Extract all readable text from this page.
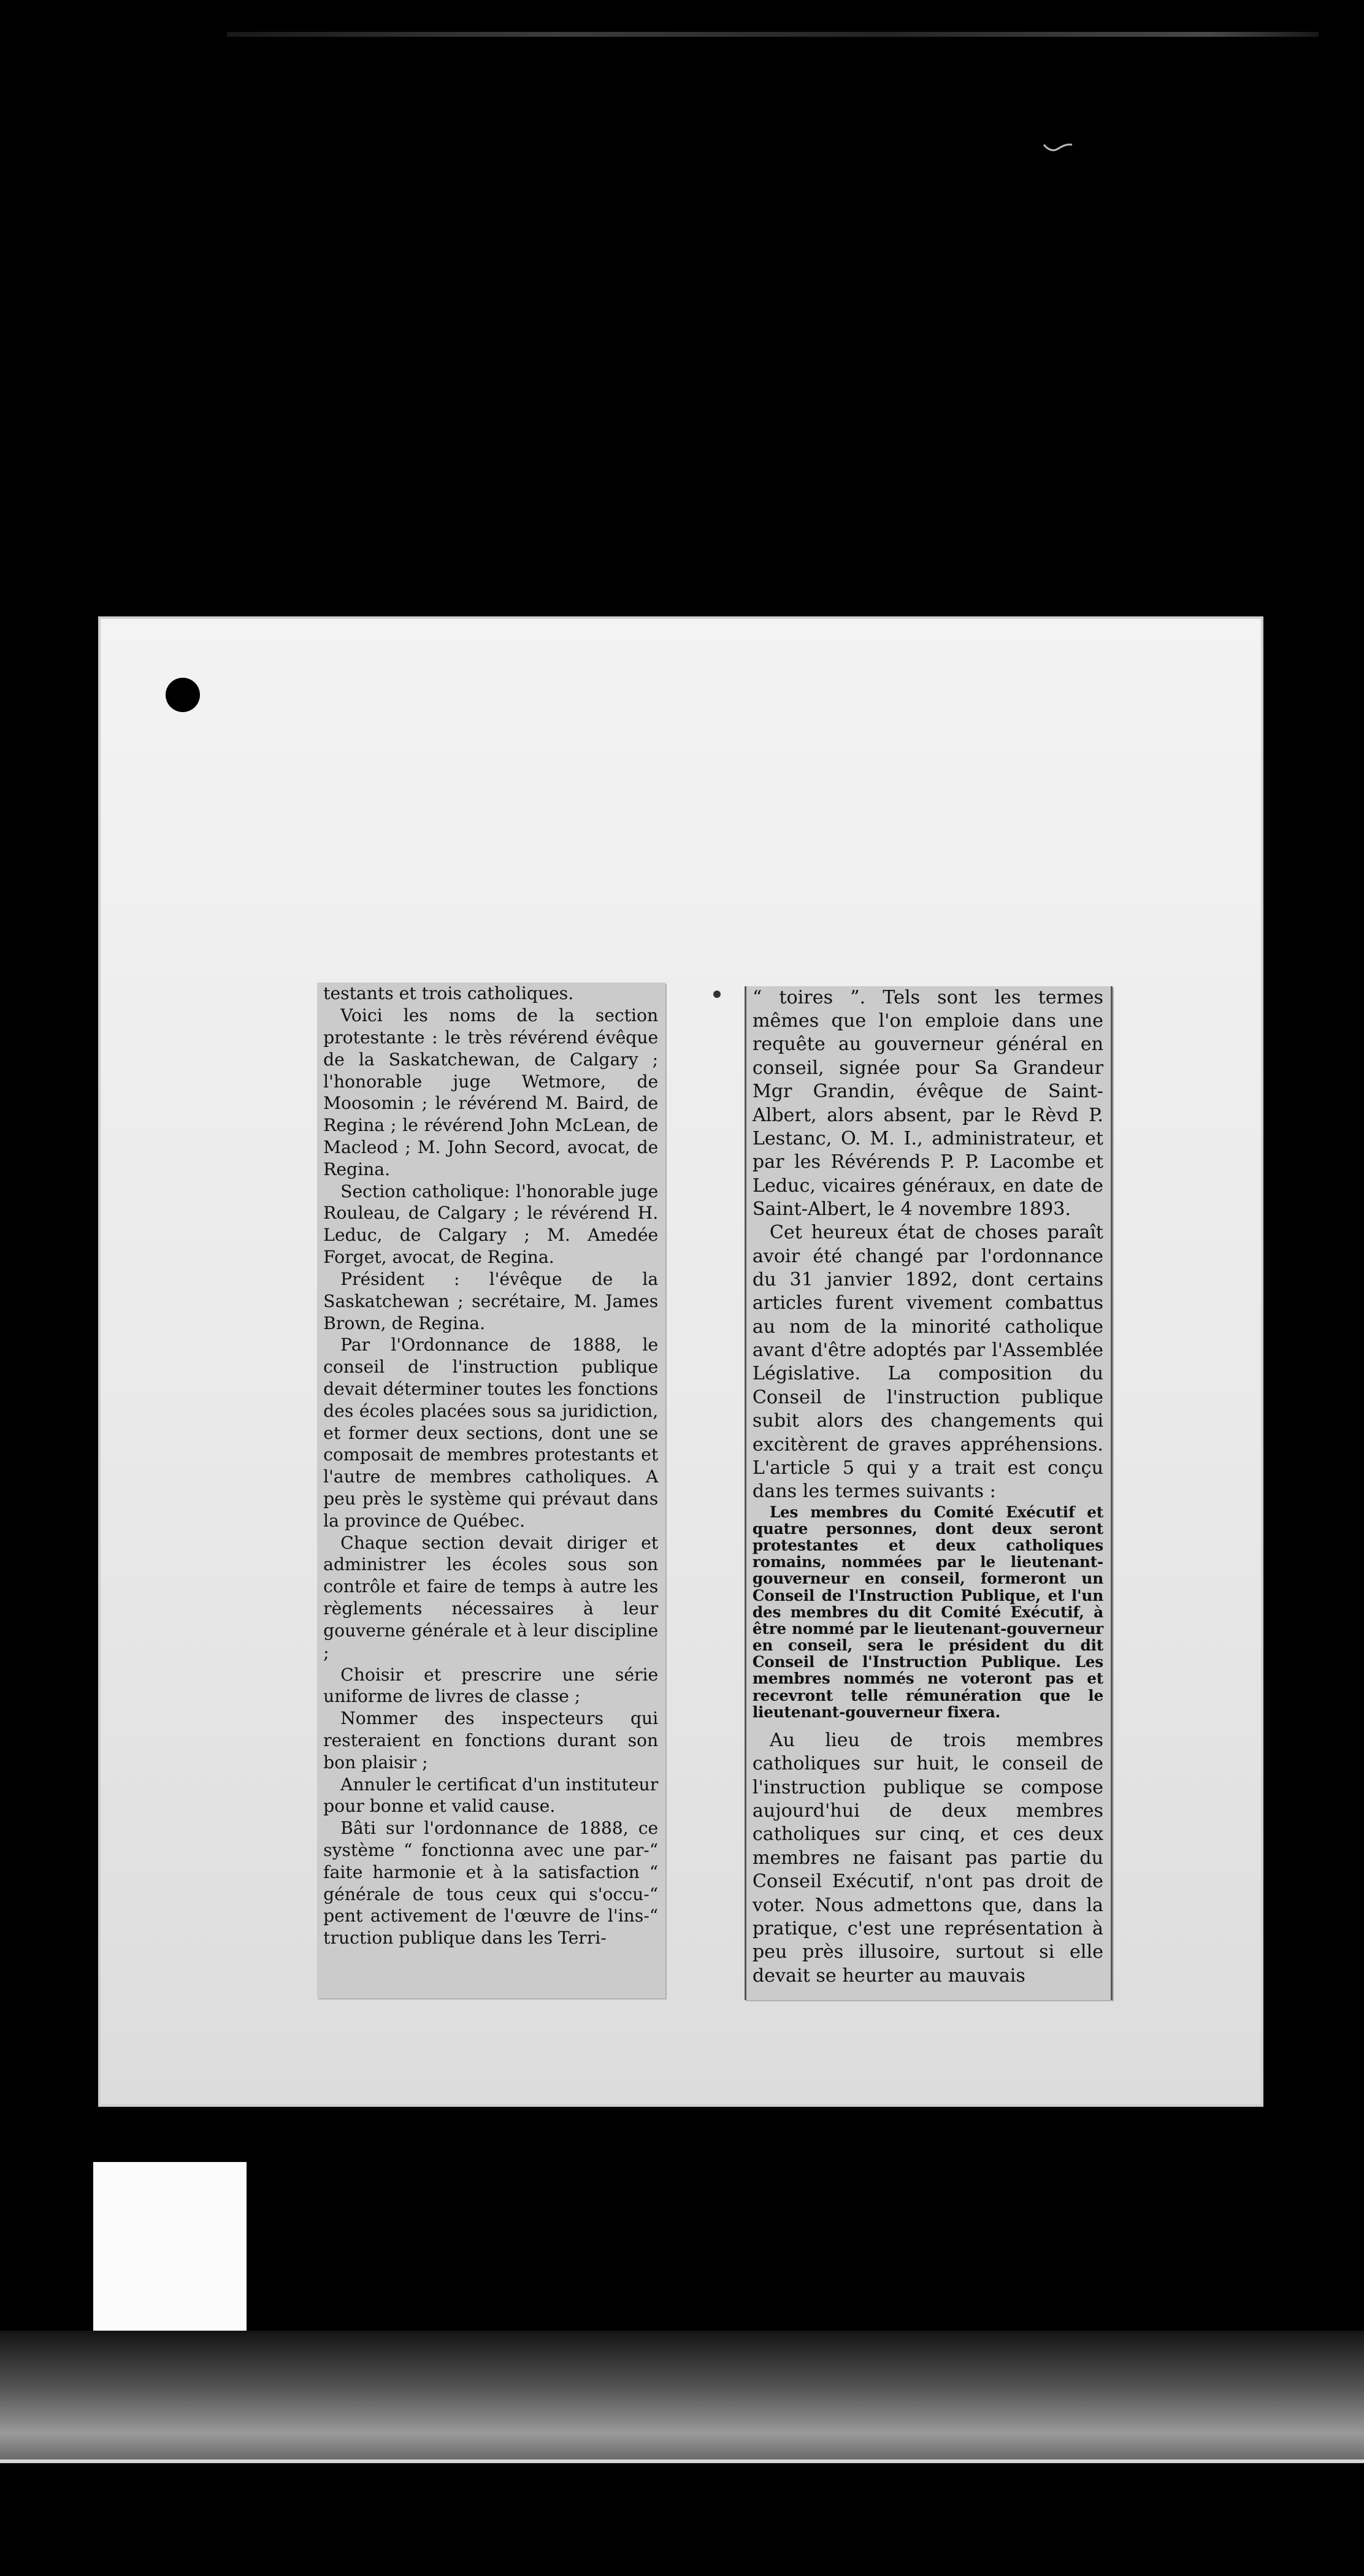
testants et trois catholiques.

Voici les noms de la section protestante : le très révérend évêque de la Saskatchewan, de Calgary ; l'honorable juge Wetmore, de Moosomin ; le révérend M. Baird, de Regina ; le révérend John McLean, de Macleod ; M. John Secord, avocat, de Regina.

Section catholique: l'honorable juge Rouleau, de Calgary ; le révérend H. Leduc, de Calgary ; M. Amedée Forget, avocat, de Regina.

Président : l'évêque de la Saskatchewan ; secrétaire, M. James Brown, de Regina.

Par l'Ordonnance de 1888, le conseil de l'instruction publique devait déterminer toutes les fonctions des écoles placées sous sa juridiction, et former deux sections, dont une se composait de membres protestants et l'autre de membres catholiques. A peu près le système qui prévaut dans la province de Québec.

Chaque section devait diriger et administrer les écoles sous son contrôle et faire de temps à autre les règlements nécessaires à leur gouverne générale et à leur discipline ;

Choisir et prescrire une série uniforme de livres de classe ;

Nommer des inspecteurs qui resteraient en fonctions durant son bon plaisir ;

Annuler le certificat d'un instituteur pour bonne et valid cause.

Bâti sur l'ordonnance de 1888, ce système “ fonctionna avec une par-“ faite harmonie et à la satisfaction “ générale de tous ceux qui s'occu-“ pent activement de l'œuvre de l'ins-“ truction publique dans les Terri-

“ toires ”. Tels sont les termes mêmes que l'on emploie dans une requête au gouverneur général en conseil, signée pour Sa Grandeur Mgr Grandin, évêque de Saint-Albert, alors absent, par le Rèvd P. Lestanc, O. M. I., administrateur, et par les Révérends P. P. Lacombe et Leduc, vicaires généraux, en date de Saint-Albert, le 4 novembre 1893.

Cet heureux état de choses paraît avoir été changé par l'ordonnance du 31 janvier 1892, dont certains articles furent vivement combattus au nom de la minorité catholique avant d'être adoptés par l'Assemblée Législative. La composition du Conseil de l'instruction publique subit alors des changements qui excitèrent de graves appréhensions. L'article 5 qui y a trait est conçu dans les termes suivants :

Les membres du Comité Exécutif et quatre personnes, dont deux seront protestantes et deux catholiques romains, nommées par le lieutenant-gouverneur en conseil, formeront un Conseil de l'Instruction Publique, et l'un des membres du dit Comité Exécutif, à être nommé par le lieutenant-gouverneur en conseil, sera le président du dit Conseil de l'Instruction Publique. Les membres nommés ne voteront pas et recevront telle rémunération que le lieutenant-gouverneur fixera.

Au lieu de trois membres catholiques sur huit, le conseil de l'instruction publique se compose aujourd'hui de deux membres catholiques sur cinq, et ces deux membres ne faisant pas partie du Conseil Exécutif, n'ont pas droit de voter. Nous admettons que, dans la pratique, c'est une représentation à peu près illusoire, surtout si elle devait se heurter au mauvais
